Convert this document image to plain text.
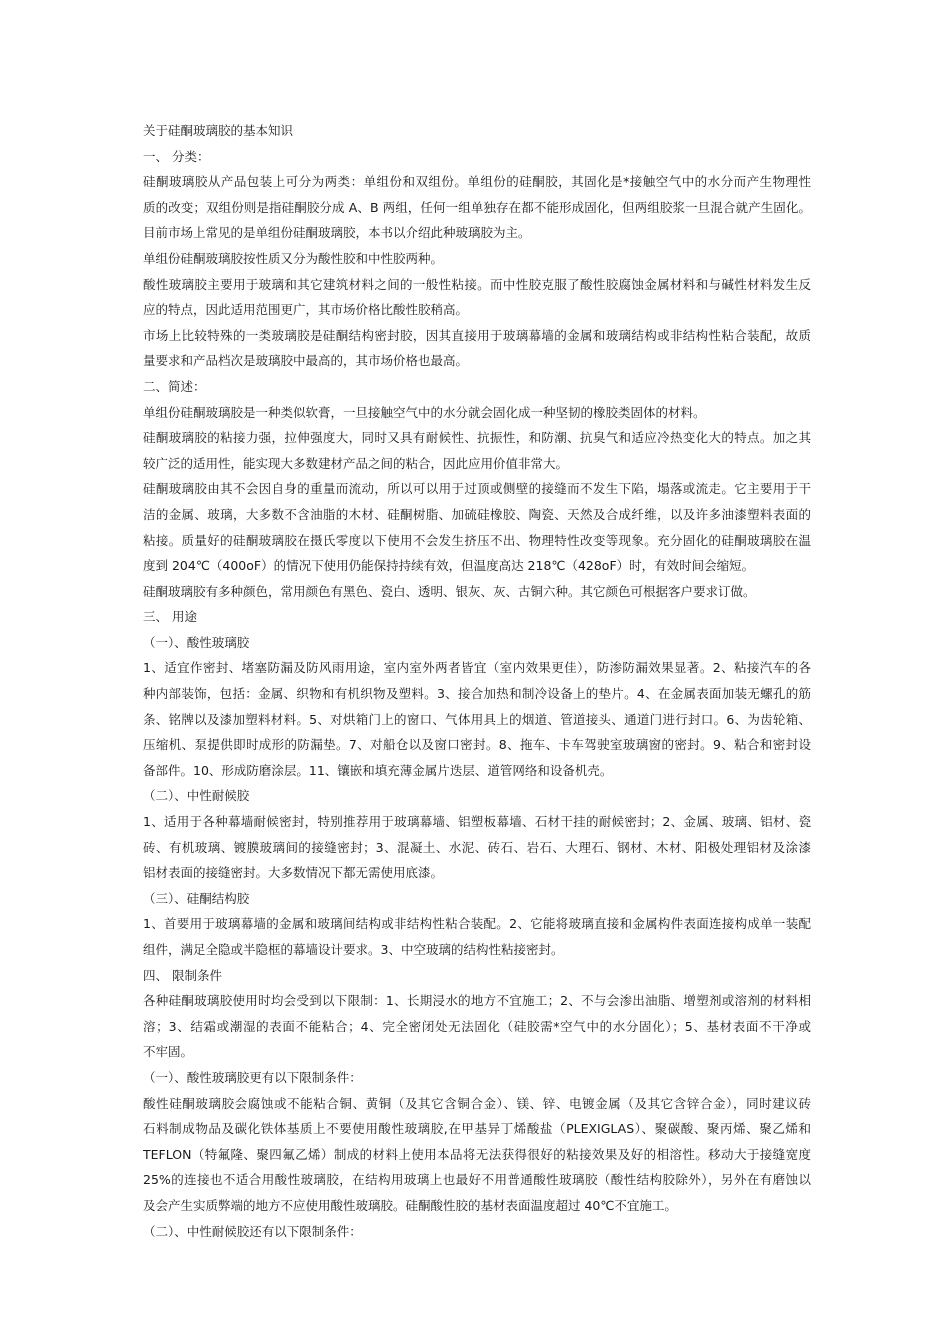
关于硅酮玻璃胶的基本知识
一、 分类：
硅酮玻璃胶从产品包装上可分为两类：单组份和双组份。单组份的硅酮胶，其固化是*接触空气中的水分而产生物理性
质的改变；双组份则是指硅酮胶分成 A、B 两组，任何一组单独存在都不能形成固化，但两组胶浆一旦混合就产生固化。
目前市场上常见的是单组份硅酮玻璃胶，本书以介绍此种玻璃胶为主。
单组份硅酮玻璃胶按性质又分为酸性胶和中性胶两种。
酸性玻璃胶主要用于玻璃和其它建筑材料之间的一般性粘接。而中性胶克服了酸性胶腐蚀金属材料和与碱性材料发生反
应的特点，因此适用范围更广，其市场价格比酸性胶稍高。
市场上比较特殊的一类玻璃胶是硅酮结构密封胶，因其直接用于玻璃幕墙的金属和玻璃结构或非结构性粘合装配，故质
量要求和产品档次是玻璃胶中最高的，其市场价格也最高。
二、简述：
单组份硅酮玻璃胶是一种类似软膏，一旦接触空气中的水分就会固化成一种坚韧的橡胶类固体的材料。
硅酮玻璃胶的粘接力强，拉伸强度大，同时又具有耐候性、抗振性，和防潮、抗臭气和适应冷热变化大的特点。加之其
较广泛的适用性，能实现大多数建材产品之间的粘合，因此应用价值非常大。
硅酮玻璃胶由其不会因自身的重量而流动，所以可以用于过顶或侧壁的接缝而不发生下陷，塌落或流走。它主要用于干
洁的金属、玻璃，大多数不含油脂的木材、硅酮树脂、加硫硅橡胶、陶瓷、天然及合成纤维，以及许多油漆塑料表面的
粘接。质量好的硅酮玻璃胶在摄氏零度以下使用不会发生挤压不出、物理特性改变等现象。充分固化的硅酮玻璃胶在温
度到 204℃（400oF）的情况下使用仍能保持持续有效，但温度高达 218℃（428oF）时，有效时间会缩短。
硅酮玻璃胶有多种颜色，常用颜色有黑色、瓷白、透明、银灰、灰、古铜六种。其它颜色可根据客户要求订做。
三、 用途
（一）、酸性玻璃胶
1、适宜作密封、堵塞防漏及防风雨用途，室内室外两者皆宜（室内效果更佳），防渗防漏效果显著。2、粘接汽车的各
种内部装饰，包括：金属、织物和有机织物及塑料。3、接合加热和制冷设备上的垫片。4、在金属表面加装无螺孔的筋
条、铭牌以及漆加塑料材料。5、对烘箱门上的窗口、气体用具上的烟道、管道接头、通道门进行封口。6、为齿轮箱、
压缩机、泵提供即时成形的防漏垫。7、对船仓以及窗口密封。8、拖车、卡车驾驶室玻璃窗的密封。9、粘合和密封设
备部件。10、形成防磨涂层。11、镶嵌和填充薄金属片迭层、道管网络和设备机壳。
（二）、中性耐候胶
1、适用于各种幕墙耐候密封，特别推荐用于玻璃幕墙、铝塑板幕墙、石材干挂的耐候密封；2、金属、玻璃、铝材、瓷
砖、有机玻璃、镀膜玻璃间的接缝密封；3、混凝土、水泥、砖石、岩石、大理石、钢材、木材、阳极处理铝材及涂漆
铝材表面的接缝密封。大多数情况下都无需使用底漆。
（三）、硅酮结构胶
1、首要用于玻璃幕墙的金属和玻璃间结构或非结构性粘合装配。2、它能将玻璃直接和金属构件表面连接构成单一装配
组件，满足全隐或半隐框的幕墙设计要求。3、中空玻璃的结构性粘接密封。
四、 限制条件
各种硅酮玻璃胶使用时均会受到以下限制：1、长期浸水的地方不宜施工；2、不与会渗出油脂、增塑剂或溶剂的材料相
溶；3、结霜或潮湿的表面不能粘合；4、完全密闭处无法固化（硅胶需*空气中的水分固化）；5、基材表面不干净或
不牢固。
（一）、酸性玻璃胶更有以下限制条件：
酸性硅酮玻璃胶会腐蚀或不能粘合铜、黄铜（及其它含铜合金）、镁、锌、电镀金属（及其它含锌合金），同时建议砖
石料制成物品及碳化铁体基质上不要使用酸性玻璃胶,在甲基异丁烯酸盐（PLEXIGLAS）、聚碳酸、聚丙烯、聚乙烯和
TEFLON（特氟隆、聚四氟乙烯）制成的材料上使用本品将无法获得很好的粘接效果及好的相溶性。移动大于接缝宽度
25%的连接也不适合用酸性玻璃胶，在结构用玻璃上也最好不用普通酸性玻璃胶（酸性结构胶除外），另外在有磨蚀以
及会产生实质弊端的地方不应使用酸性玻璃胶。硅酮酸性胶的基材表面温度超过 40℃不宜施工。
（二）、中性耐候胶还有以下限制条件：
